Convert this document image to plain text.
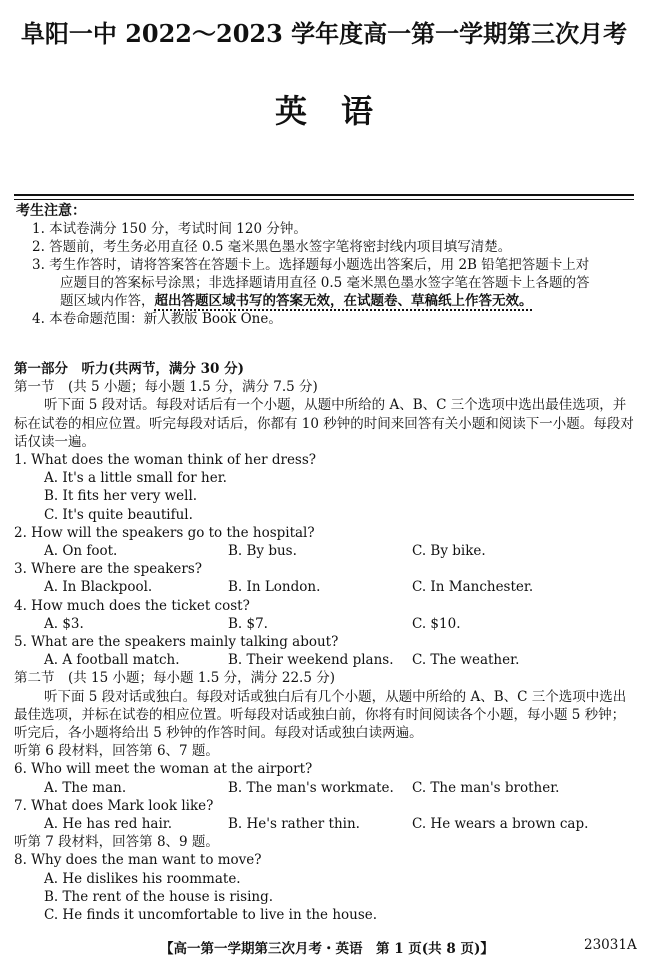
阜阳一中 2022～2023 学年度高一第一学期第三次月考
英语
考生注意：
1. 本试卷满分 150 分，考试时间 120 分钟。
2. 答题前，考生务必用直径 0.5 毫米黑色墨水签字笔将密封线内项目填写清楚。
3. 考生作答时，请将答案答在答题卡上。选择题每小题选出答案后，用 2B 铅笔把答题卡上对
应题目的答案标号涂黑；非选择题请用直径 0.5 毫米黑色墨水签字笔在答题卡上各题的答
题区域内作答，超出答题区域书写的答案无效，在试题卷、草稿纸上作答无效。
4. 本卷命题范围：新人教版 Book One。
第一部分　听力(共两节，满分 30 分)
第一节　(共 5 小题；每小题 1.5 分，满分 7.5 分)
听下面 5 段对话。每段对话后有一个小题，从题中所给的 A、B、C 三个选项中选出最佳选项，并标在试卷的相应位置。听完每段对话后，你都有 10 秒钟的时间来回答有关小题和阅读下一小题。每段对话仅读一遍。
1. What does the woman think of her dress?
A. It's a little small for her.
B. It fits her very well.
C. It's quite beautiful.
2. How will the speakers go to the hospital?
A. On foot.	B. By bus.	C. By bike.
3. Where are the speakers?
A. In Blackpool.	B. In London.	C. In Manchester.
4. How much does the ticket cost?
A. $3.	B. $7.	C. $10.
5. What are the speakers mainly talking about?
A. A football match.	B. Their weekend plans.	C. The weather.
第二节　(共 15 小题；每小题 1.5 分，满分 22.5 分)
听下面 5 段对话或独白。每段对话或独白后有几个小题，从题中所给的 A、B、C 三个选项中选出最佳选项，并标在试卷的相应位置。听每段对话或独白前，你将有时间阅读各个小题，每小题 5 秒钟；听完后，各小题将给出 5 秒钟的作答时间。每段对话或独白读两遍。
听第 6 段材料，回答第 6、7 题。
6. Who will meet the woman at the airport?
A. The man.	B. The man's workmate.	C. The man's brother.
7. What does Mark look like?
A. He has red hair.	B. He's rather thin.	C. He wears a brown cap.
听第 7 段材料，回答第 8、9 题。
8. Why does the man want to move?
A. He dislikes his roommate.
B. The rent of the house is rising.
C. He finds it uncomfortable to live in the house.
【高一第一学期第三次月考・英语　第 1 页(共 8 页)】	23031A
